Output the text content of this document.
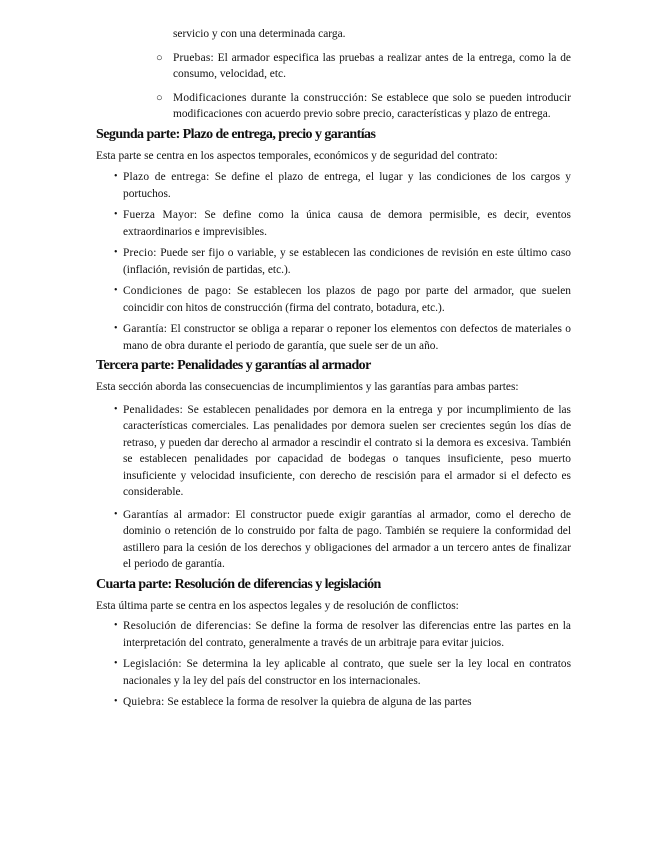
servicio y con una determinada carga.

○ Pruebas: El armador especifica las pruebas a realizar antes de la entrega, como la de consumo, velocidad, etc.
○ Modificaciones durante la construcción: Se establece que solo se pueden introducir modificaciones con acuerdo previo sobre precio, características y plazo de entrega.
Segunda parte: Plazo de entrega, precio y garantías

Esta parte se centra en los aspectos temporales, económicos y de seguridad del contrato:

• Plazo de entrega: Se define el plazo de entrega, el lugar y las condiciones de los cargos y portuchos.
• Fuerza Mayor: Se define como la única causa de demora permisible, es decir, eventos extraordinarios e imprevisibles.
• Precio: Puede ser fijo o variable, y se establecen las condiciones de revisión en este último caso (inflación, revisión de partidas, etc.).
• Condiciones de pago: Se establecen los plazos de pago por parte del armador, que suelen coincidir con hitos de construcción (firma del contrato, botadura, etc.).
• Garantía: El constructor se obliga a reparar o reponer los elementos con defectos de materiales o mano de obra durante el periodo de garantía, que suele ser de un año.
Tercera parte: Penalidades y garantías al armador

Esta sección aborda las consecuencias de incumplimientos y las garantías para ambas partes:

• Penalidades: Se establecen penalidades por demora en la entrega y por incumplimiento de las características comerciales. Las penalidades por demora suelen ser crecientes según los días de retraso, y pueden dar derecho al armador a rescindir el contrato si la demora es excesiva. También se establecen penalidades por capacidad de bodegas o tanques insuficiente, peso muerto insuficiente y velocidad insuficiente, con derecho de rescisión para el armador si el defecto es considerable.
• Garantías al armador: El constructor puede exigir garantías al armador, como el derecho de dominio o retención de lo construido por falta de pago. También se requiere la conformidad del astillero para la cesión de los derechos y obligaciones del armador a un tercero antes de finalizar el periodo de garantía.
Cuarta parte: Resolución de diferencias y legislación

Esta última parte se centra en los aspectos legales y de resolución de conflictos:

• Resolución de diferencias: Se define la forma de resolver las diferencias entre las partes en la interpretación del contrato, generalmente a través de un arbitraje para evitar juicios.
• Legislación: Se determina la ley aplicable al contrato, que suele ser la ley local en contratos nacionales y la ley del país del constructor en los internacionales.
• Quiebra: Se establece la forma de resolver la quiebra de alguna de las partes
